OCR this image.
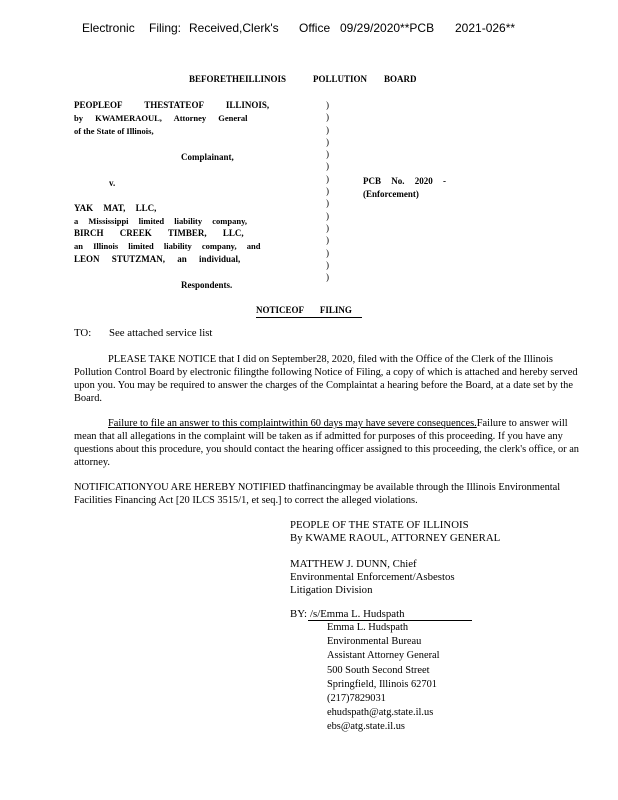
Electronic Filing: Received,Clerk's Office 09/29/2020**PCB 2021-026**
BEFORETHEILLINOIS	POLLUTION BOARD
PEOPLEOF THESTATEOF ILLINOIS,
by KWAMERAOUL, Attorney General
of the State of Illinois,
Complainant,
v.	PCB No. 2020 -
(Enforcement)
YAK MAT, LLC,
a Mississippi limited liability company,
BIRCH CREEK TIMBER, LLC,
an Illinois limited liability company, and
LEON STUTZMAN, an individual,
Respondents.
)
)
)
)
)
)
)
)
)
)
)
)
)
)
)
NOTICEOF FILING
TO: See attached service list
PLEASE TAKE NOTICE that I did on September28, 2020, filed with the Office of the Clerk of the Illinois Pollution Control Board by electronic filingthe following Notice of Filing, a copy of which is attached and hereby served upon you. You may be required to answer the charges of the Complaintat a hearing before the Board, at a date set by the Board.
Failure to file an answer to this complaintwithin 60 days may have severe consequences.Failure to answer will mean that all allegations in the complaint will be taken as if admitted for purposes of this proceeding. If you have any questions about this procedure, you should contact the hearing officer assigned to this proceeding, the clerk's office, or an attorney.
NOTIFICATIONYOU ARE HEREBY NOTIFIED thatfinancingmay be available through the Illinois Environmental Facilities Financing Act [20 ILCS 3515/1, et seq.] to correct the alleged violations.
PEOPLE OF THE STATE OF ILLINOIS
By KWAME RAOUL, ATTORNEY GENERAL
MATTHEW J. DUNN, Chief
Environmental Enforcement/Asbestos
Litigation Division
BY: /s/Emma L. Hudspath
Emma L. Hudspath
Environmental Bureau
Assistant Attorney General
500 South Second Street
Springfield, Illinois 62701
(217)7829031
ehudspath@atg.state.il.us
ebs@atg.state.il.us
